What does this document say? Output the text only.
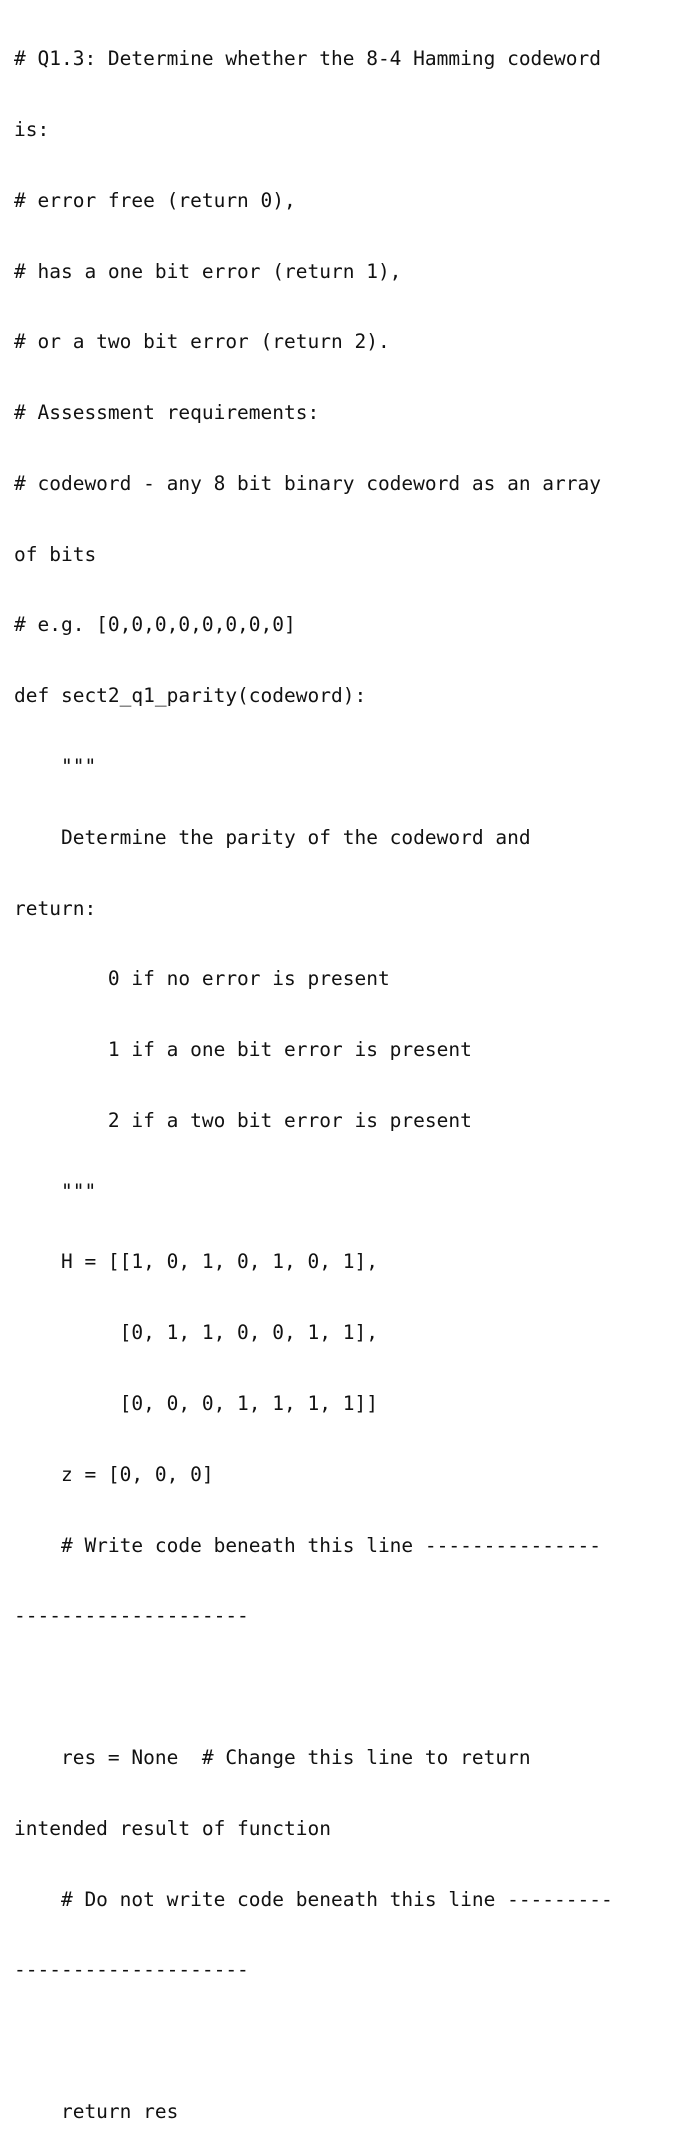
# Q1.3: Determine whether the 8-4 Hamming codeword

is:

# error free (return 0),

# has a one bit error (return 1),

# or a two bit error (return 2).

# Assessment requirements:

# codeword - any 8 bit binary codeword as an array

of bits

# e.g. [0,0,0,0,0,0,0,0]

def sect2_q1_parity(codeword):

"""

Determine the parity of the codeword and

return:

0 if no error is present

1 if a one bit error is present

2 if a two bit error is present

"""

H = [[1, 0, 1, 0, 1, 0, 1],

[0, 1, 1, 0, 0, 1, 1],

[0, 0, 0, 1, 1, 1, 1]]

z = [0, 0, 0]

# Write code beneath this line ---------------

--------------------

res = None  # Change this line to return

intended result of function

# Do not write code beneath this line ---------

--------------------

return res
